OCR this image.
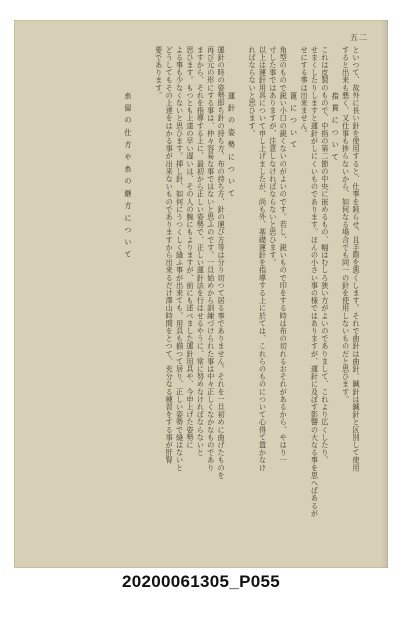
五二
といつて、故外に長い針を使用すると、仕事を鈍らせ、且手際を悪くします。それで曲針は曲針、鍼針は鍼針と区別して使用
すると出来も悪く、又仕事も捗らないから、如何なる場合でも同一の針を使用しないものだと思ひます。
指貫について
これは皮製のもので、中指の第二節の中央に嵌めるもの、幅はむしろ狭い方がよいのでありまして、これより広くしたり、
せまくしたりしますと運針がしにくいものであります。ほんの小さい事の様ではありますが、運針に及ぼす影響の大なる事を思へばあるが
せにする事は出来ません。
篦について
角型のもので鋭い小口の鋭くないのがよいのです。若し、鋭いもので印をする時は布の切れるおそれがあるから、やはり一
寸した事ではありますが、注意しなければならないと思ひます。
以上は運針用具について申し上げましたが、尚も外、基礎運針を指導する上に於ては、これらのものについて心得て置かなけ
ればならないと思ひます。
運針の姿勢について
運針の時の姿勢即ち針の持ち方、布の持ち方、針の運び方等は分り切つて居る事でありません。それを一旦初めに曲げたものを
再び元の形にする事は、仲々容易な事ではないと思ふのです。一旦始めから訓練づけられた事は中々正しくなかなものであり
ますから、それを指導する上に、最初から正しい姿勢で、正しい運針法を行はせるやうに、常に努めなければならないと
思ひます。もつとも上達の早い遅いは、その人の腕にもよりますが、前にも述べました運針用具や、今申上げた姿勢に
よる事も少なくないと思ひます。挿し針、如何にうつくしく縫ふ事が出来ても、用具も揃つて居り、正しい姿勢で縫はないと
どうしてもその上達をはかる事が出来ないものでありますから出来るだけ澤山時間をとつて、充分なる練習をする事が肝腎
要であります。
糸留の仕方や糸の継方について
20200061305_P055
